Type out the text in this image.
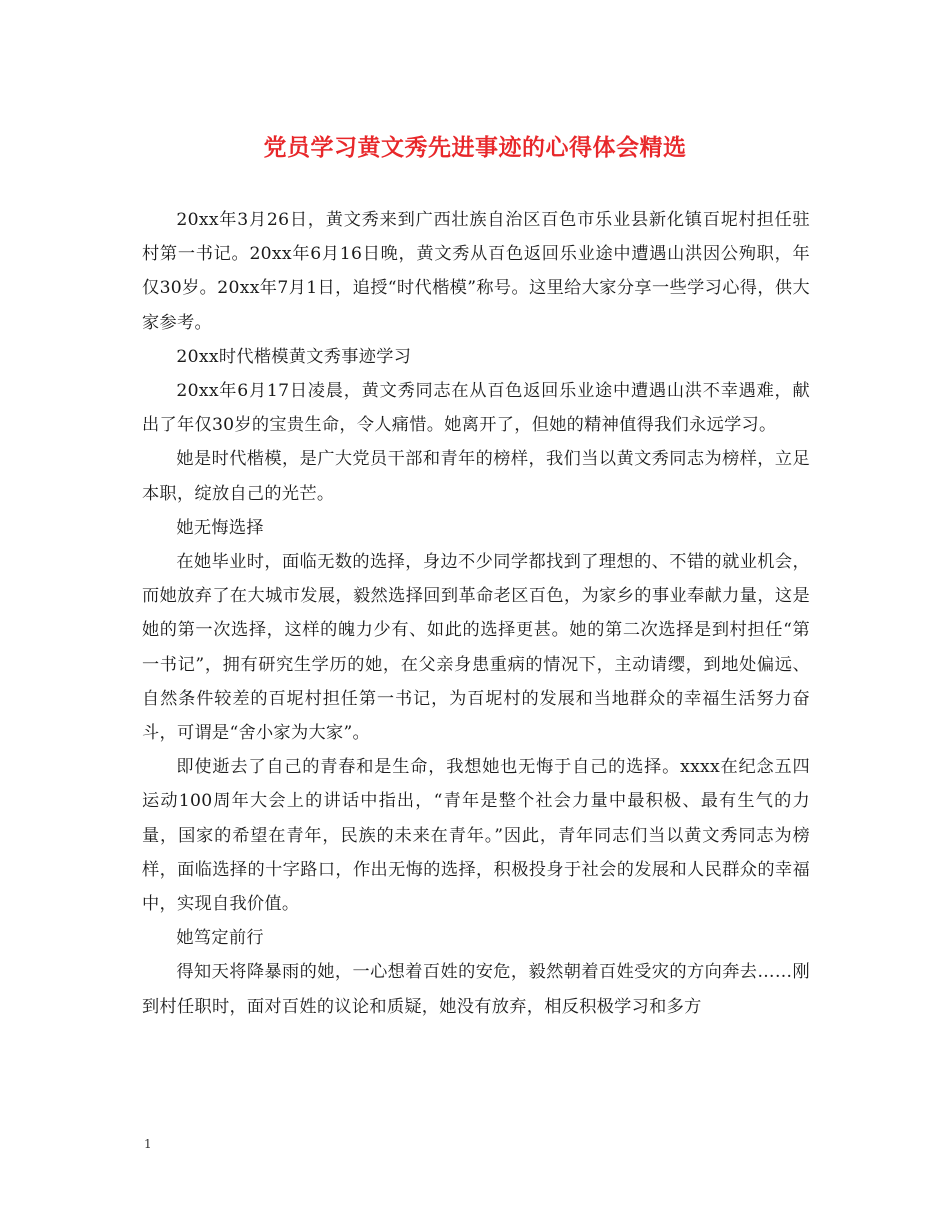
党员学习黄文秀先进事迹的心得体会精选

20xx年3月26日，黄文秀来到广西壮族自治区百色市乐业县新化镇百坭村担任驻村第一书记。20xx年6月16日晚，黄文秀从百色返回乐业途中遭遇山洪因公殉职，年仅30岁。20xx年7月1日，追授“时代楷模”称号。这里给大家分享一些学习心得，供大家参考。

20xx时代楷模黄文秀事迹学习

20xx年6月17日凌晨，黄文秀同志在从百色返回乐业途中遭遇山洪不幸遇难，献出了年仅30岁的宝贵生命，令人痛惜。她离开了，但她的精神值得我们永远学习。

她是时代楷模，是广大党员干部和青年的榜样，我们当以黄文秀同志为榜样，立足本职，绽放自己的光芒。

她无悔选择

在她毕业时，面临无数的选择，身边不少同学都找到了理想的、不错的就业机会，而她放弃了在大城市发展，毅然选择回到革命老区百色，为家乡的事业奉献力量，这是她的第一次选择，这样的魄力少有、如此的选择更甚。她的第二次选择是到村担任“第一书记”，拥有研究生学历的她，在父亲身患重病的情况下，主动请缨，到地处偏远、自然条件较差的百坭村担任第一书记，为百坭村的发展和当地群众的幸福生活努力奋斗，可谓是“舍小家为大家”。

即使逝去了自己的青春和是生命，我想她也无悔于自己的选择。xxxx在纪念五四运动100周年大会上的讲话中指出，“青年是整个社会力量中最积极、最有生气的力量，国家的希望在青年，民族的未来在青年。”因此，青年同志们当以黄文秀同志为榜样，面临选择的十字路口，作出无悔的选择，积极投身于社会的发展和人民群众的幸福中，实现自我价值。

她笃定前行

得知天将降暴雨的她，一心想着百姓的安危，毅然朝着百姓受灾的方向奔去……刚到村任职时，面对百姓的议论和质疑，她没有放弃，相反积极学习和多方

1
